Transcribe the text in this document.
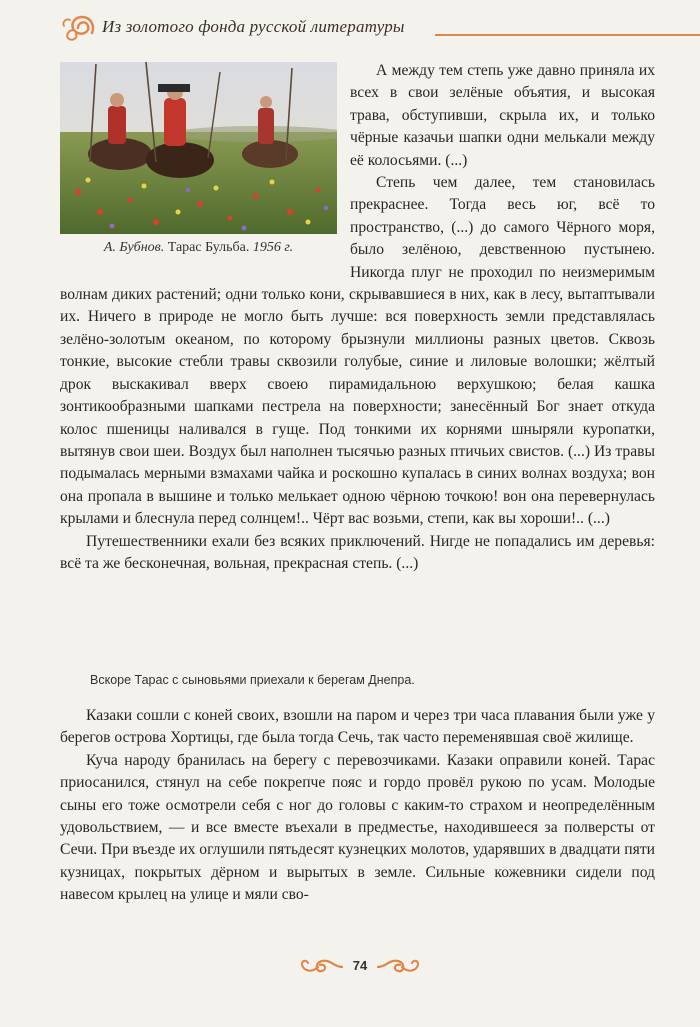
Из золотого фонда русской литературы
А. Бубнов. Тарас Бульба. 1956 г.

А между тем степь уже давно приняла их всех в свои зелёные объятия, и высокая трава, обступивши, скрыла их, и только чёрные казачьи шапки одни мелькали между её колосьями. (...)

Степь чем далее, тем становилась прекраснее. Тогда весь юг, всё то пространство, (...) до самого Чёрного моря, было зелёною, девственною пустынею. Никогда плуг не проходил по неизмеримым волнам диких растений; одни только кони, скрывавшиеся в них, как в лесу, вытаптывали их. Ничего в природе не могло быть лучше: вся поверхность земли представлялась зелёно-золотым океаном, по которому брызнули миллионы разных цветов. Сквозь тонкие, высокие стебли травы сквозили голубые, синие и лиловые волошки; жёлтый дрок выскакивал вверх своею пирамидальною верхушкою; белая кашка зонтикообразными шапками пестрела на поверхности; занесённый Бог знает откуда колос пшеницы наливался в гуще. Под тонкими их корнями шныряли куропатки, вытянув свои шеи. Воздух был наполнен тысячью разных птичьих свистов. (...) Из травы подымалась мерными взмахами чайка и роскошно купалась в синих волнах воздуха; вон она пропала в вышине и только мелькает одною чёрною точкою! вон она перевернулась крылами и блеснула перед солнцем!.. Чёрт вас возьми, степи, как вы хороши!.. (...)

Путешественники ехали без всяких приключений. Нигде не попадались им деревья: всё та же бесконечная, вольная, прекрасная степь. (...)

Вскоре Тарас с сыновьями приехали к берегам Днепра.

Казаки сошли с коней своих, взошли на паром и через три часа плавания были уже у берегов острова Хортицы, где была тогда Сечь, так часто переменявшая своё жилище.

Куча народу бранилась на берегу с перевозчиками. Казаки оправили коней. Тарас приосанился, стянул на себе покрепче пояс и гордо провёл рукою по усам. Молодые сыны его тоже осмотрели себя с ног до головы с каким-то страхом и неопределённым удовольствием, — и все вместе въехали в предместье, находившееся за полверсты от Сечи. При въезде их оглушили пятьдесят кузнецких молотов, ударявших в двадцати пяти кузницах, покрытых дёрном и вырытых в земле. Сильные кожевники сидели под навесом крылец на улице и мяли сво-

74
